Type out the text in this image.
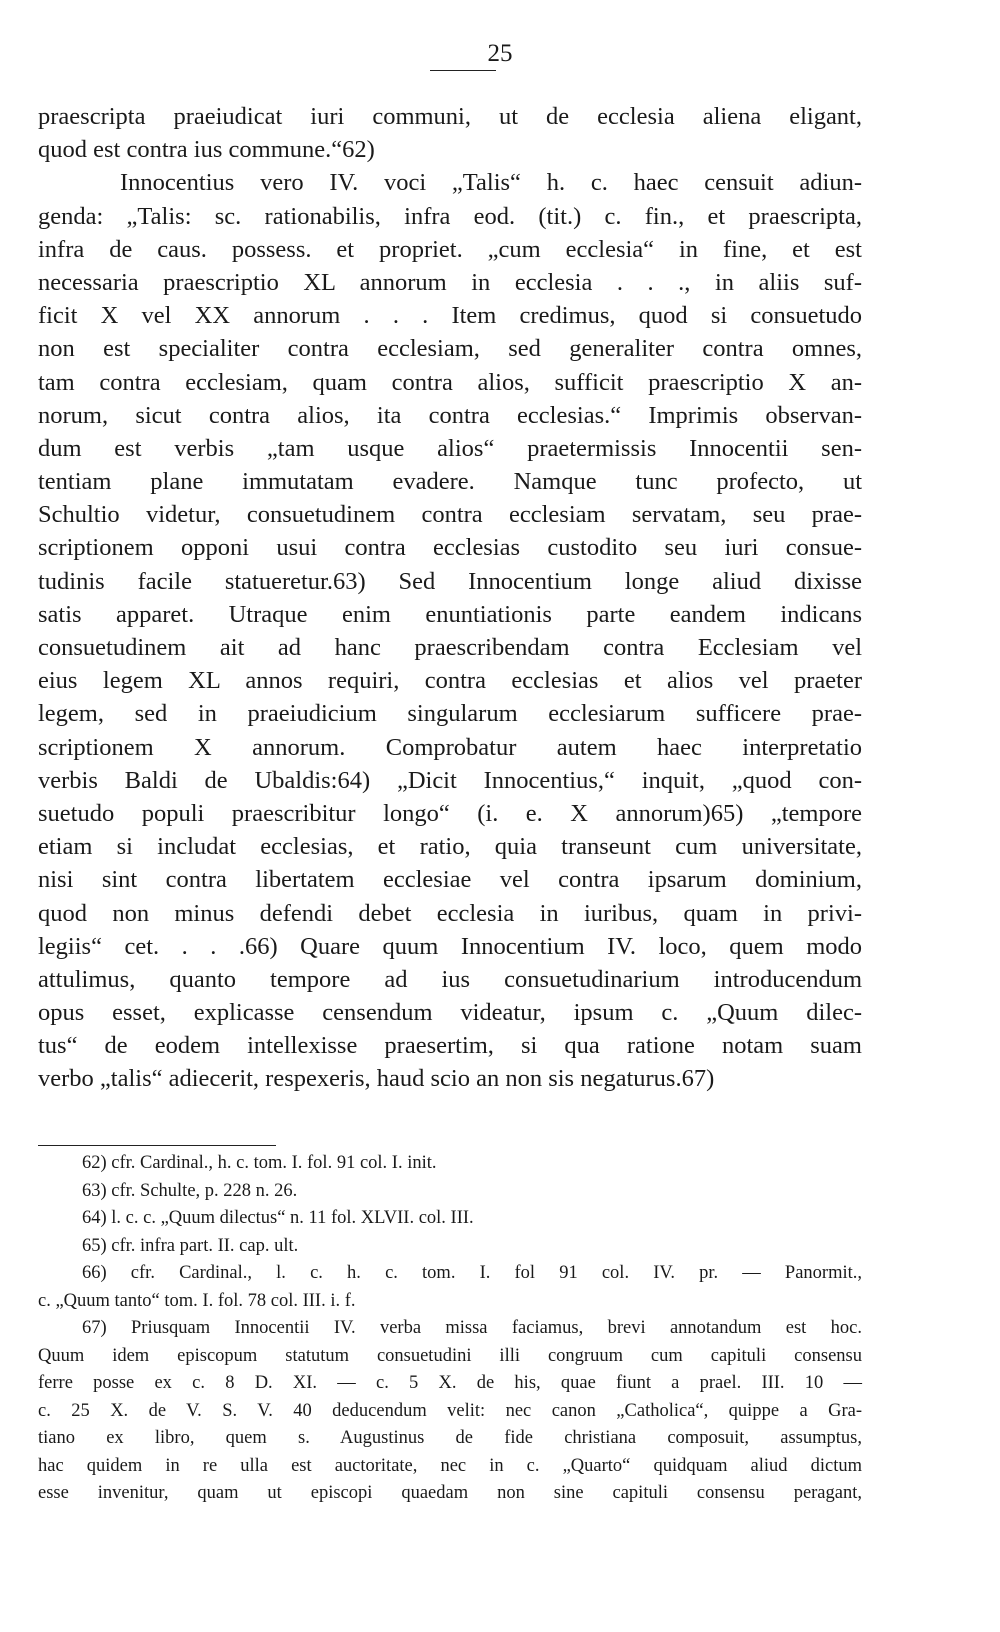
25
praescripta praeiudicat iuri communi, ut de ecclesia aliena eligant,
quod est contra ius commune.“62)
Innocentius vero IV. voci „Talis“ h. c. haec censuit adiun-
genda: „Talis: sc. rationabilis, infra eod. (tit.) c. fin., et praescripta,
infra de caus. possess. et propriet. „cum ecclesia“ in fine, et est
necessaria praescriptio XL annorum in ecclesia . . ., in aliis suf-
ficit X vel XX annorum . . . Item credimus, quod si consuetudo
non est specialiter contra ecclesiam, sed generaliter contra omnes,
tam contra ecclesiam, quam contra alios, sufficit praescriptio X an-
norum, sicut contra alios, ita contra ecclesias.“ Imprimis observan-
dum est verbis „tam usque alios“ praetermissis Innocentii sen-
tentiam plane immutatam evadere. Namque tunc profecto, ut
Schultio videtur, consuetudinem contra ecclesiam servatam, seu prae-
scriptionem opponi usui contra ecclesias custodito seu iuri consue-
tudinis facile statueretur.63) Sed Innocentium longe aliud dixisse
satis apparet. Utraque enim enuntiationis parte eandem indicans
consuetudinem ait ad hanc praescribendam contra Ecclesiam vel
eius legem XL annos requiri, contra ecclesias et alios vel praeter
legem, sed in praeiudicium singularum ecclesiarum sufficere prae-
scriptionem X annorum. Comprobatur autem haec interpretatio
verbis Baldi de Ubaldis:64) „Dicit Innocentius,“ inquit, „quod con-
suetudo populi praescribitur longo“ (i. e. X annorum)65) „tempore
etiam si includat ecclesias, et ratio, quia transeunt cum universitate,
nisi sint contra libertatem ecclesiae vel contra ipsarum dominium,
quod non minus defendi debet ecclesia in iuribus, quam in privi-
legiis“ cet. . . .66) Quare quum Innocentium IV. loco, quem modo
attulimus, quanto tempore ad ius consuetudinarium introducendum
opus esset, explicasse censendum videatur, ipsum c. „Quum dilec-
tus“ de eodem intellexisse praesertim, si qua ratione notam suam
verbo „talis“ adiecerit, respexeris, haud scio an non sis negaturus.67)
62) cfr. Cardinal., h. c. tom. I. fol. 91 col. I. init.
63) cfr. Schulte, p. 228 n. 26.
64) l. c. c. „Quum dilectus“ n. 11 fol. XLVII. col. III.
65) cfr. infra part. II. cap. ult.
66) cfr. Cardinal., l. c. h. c. tom. I. fol 91 col. IV. pr. — Panormit.,
c. „Quum tanto“ tom. I. fol. 78 col. III. i. f.
67) Priusquam Innocentii IV. verba missa faciamus, brevi annotandum est hoc.
Quum idem episcopum statutum consuetudini illi congruum cum capituli consensu
ferre posse ex c. 8 D. XI. — c. 5 X. de his, quae fiunt a prael. III. 10 —
c. 25 X. de V. S. V. 40 deducendum velit: nec canon „Catholica“, quippe a Gra-
tiano ex libro, quem s. Augustinus de fide christiana composuit, assumptus,
hac quidem in re ulla est auctoritate, nec in c. „Quarto“ quidquam aliud dictum
esse invenitur, quam ut episcopi quaedam non sine capituli consensu peragant,
